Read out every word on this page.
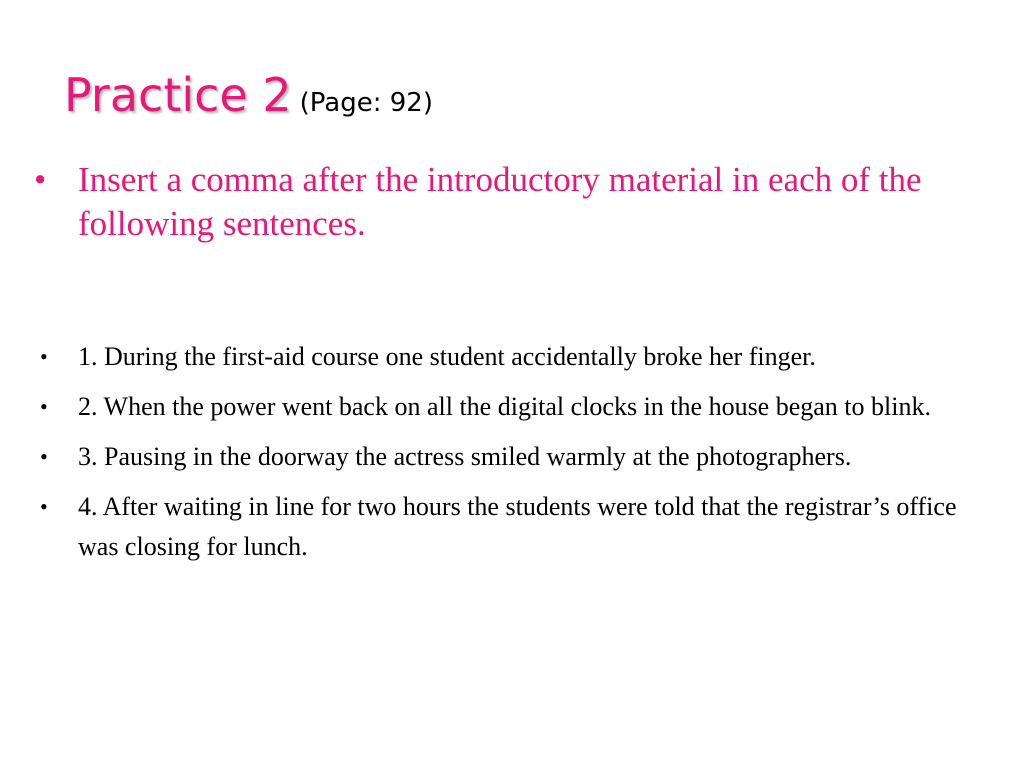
Practice 2 (Page: 92)
• Insert a comma after the introductory material in each of the following sentences.
• 1. During the first-aid course one student accidentally broke her finger.
• 2. When the power went back on all the digital clocks in the house began to blink.
• 3. Pausing in the doorway the actress smiled warmly at the photographers.
• 4. After waiting in line for two hours the students were told that the registrar’s office was closing for lunch.
